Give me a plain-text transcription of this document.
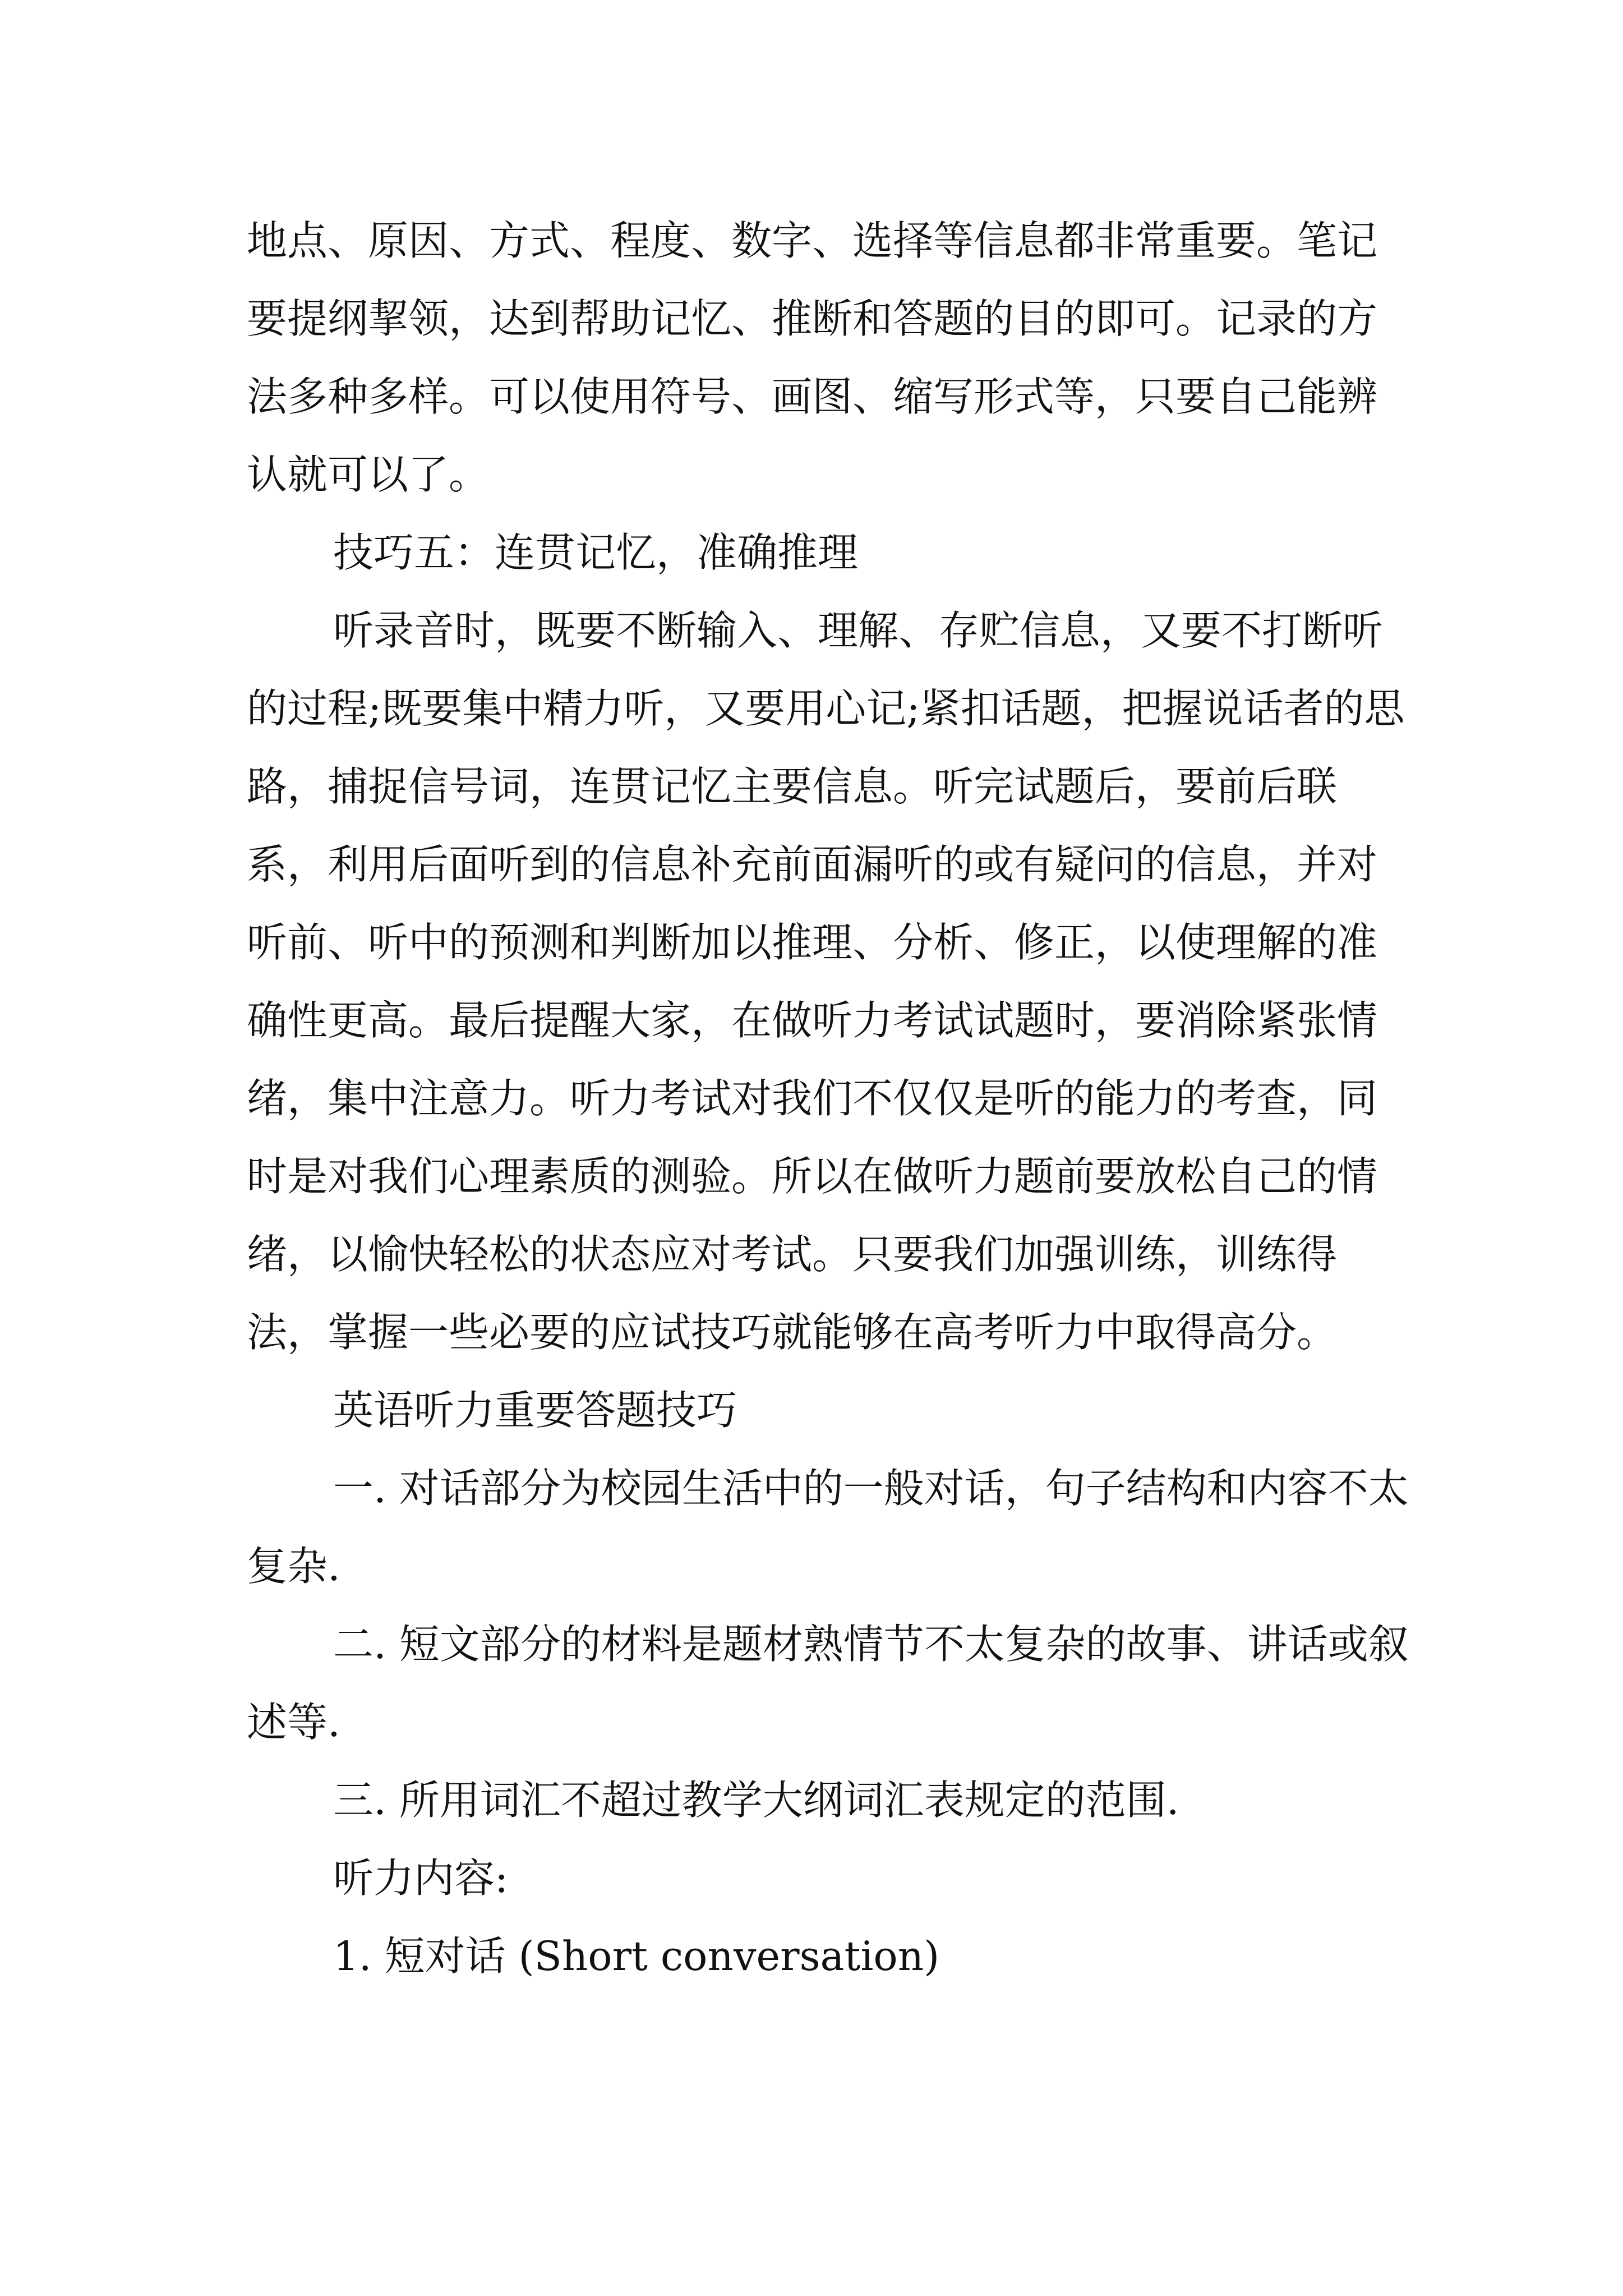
地点、原因、方式、程度、数字、选择等信息都非常重要。笔记要提纲挈领，达到帮助记忆、推断和答题的目的即可。记录的方法多种多样。可以使用符号、画图、缩写形式等，只要自己能辨认就可以了。

技巧五：连贯记忆，准确推理

听录音时，既要不断输入、理解、存贮信息，又要不打断听的过程;既要集中精力听，又要用心记;紧扣话题，把握说话者的思路，捕捉信号词，连贯记忆主要信息。听完试题后，要前后联系，利用后面听到的信息补充前面漏听的或有疑问的信息，并对听前、听中的预测和判断加以推理、分析、修正，以使理解的准确性更高。最后提醒大家，在做听力考试试题时，要消除紧张情绪，集中注意力。听力考试对我们不仅仅是听的能力的考查，同时是对我们心理素质的测验。所以在做听力题前要放松自己的情绪，以愉快轻松的状态应对考试。只要我们加强训练，训练得法，掌握一些必要的应试技巧就能够在高考听力中取得高分。

英语听力重要答题技巧

一. 对话部分为校园生活中的一般对话，句子结构和内容不太复杂.

二. 短文部分的材料是题材熟情节不太复杂的故事、讲话或叙述等.

三. 所用词汇不超过教学大纲词汇表规定的范围.

听力内容:

1. 短对话 (Short conversation)
